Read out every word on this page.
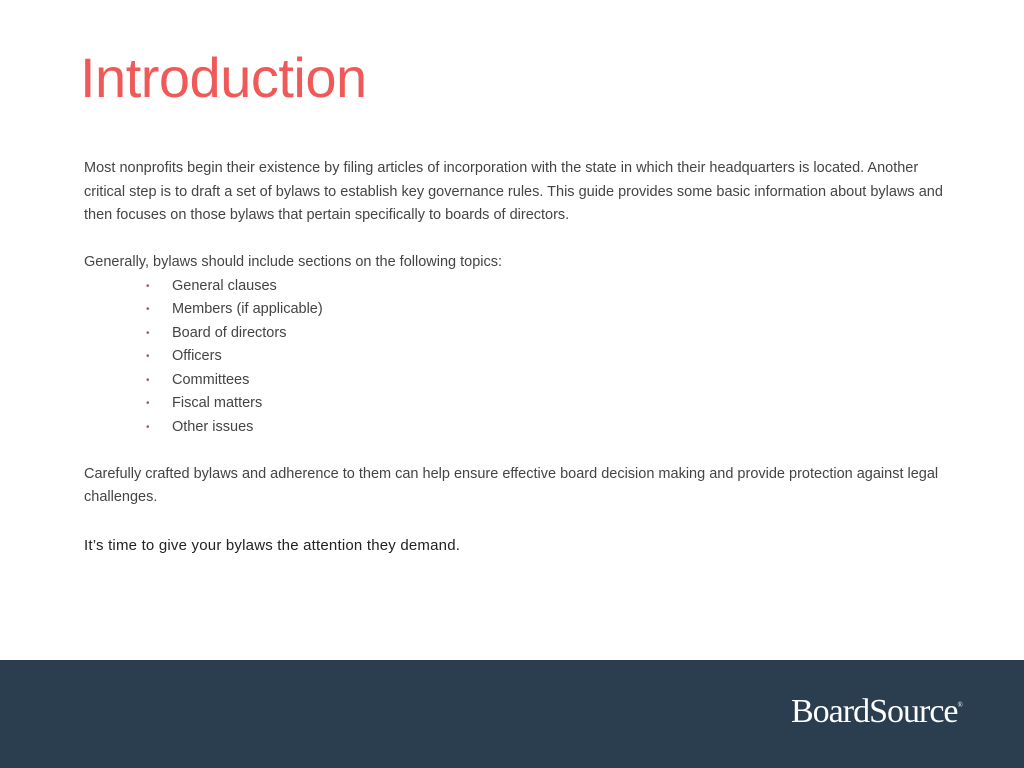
Introduction

Most nonprofits begin their existence by filing articles of incorporation with the state in which their headquarters is located. Another critical step is to draft a set of bylaws to establish key governance rules. This guide provides some basic information about bylaws and then focuses on those bylaws that pertain specifically to boards of directors.

Generally, bylaws should include sections on the following topics:

• General clauses
• Members (if applicable)
• Board of directors
• Officers
• Committees
• Fiscal matters
• Other issues

Carefully crafted bylaws and adherence to them can help ensure effective board decision making and provide protection against legal challenges.

It’s time to give your bylaws the attention they demand.

BoardSource®
